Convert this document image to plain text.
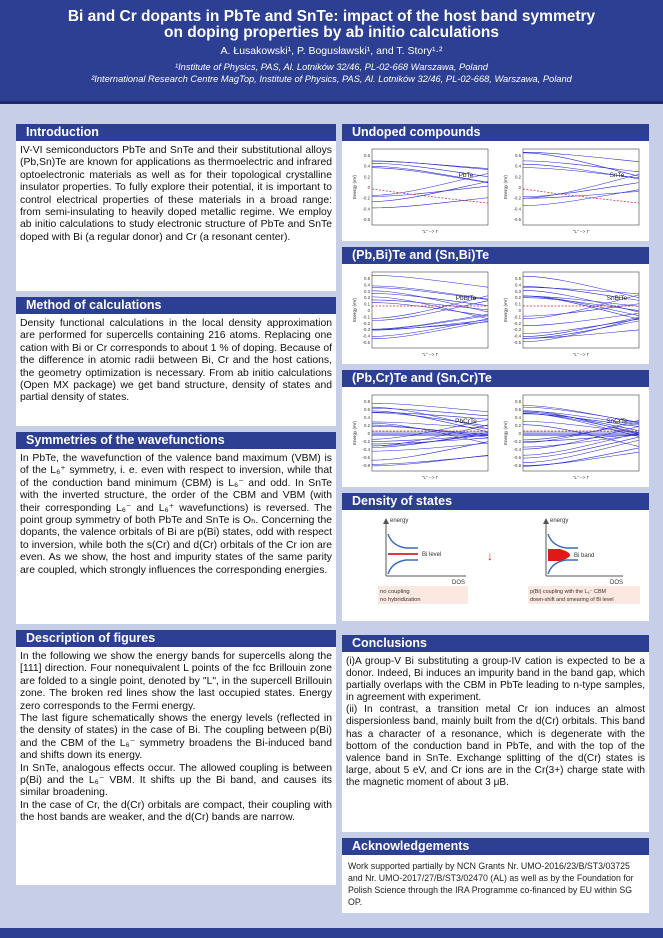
Bi and Cr dopants in PbTe and SnTe: impact of the host band symmetry
on doping properties by ab initio calculations
A. Łusakowski¹, P. Bogusławski¹, and T. Story¹·²
¹Institute of Physics, PAS, Al. Lotników 32/46, PL-02-668 Warszawa, Poland
²International Research Centre MagTop, Institute of Physics, PAS, Al. Lotników 32/46, PL-02-668, Warszawa, Poland
Introduction

IV-VI semiconductors PbTe and SnTe and their substitutional alloys (Pb,Sn)Te are known for applications as thermoelectric and infrared optoelectronic materials as well as for their topological crystalline insulator properties. To fully explore their potential, it is important to control electrical properties of these materials in a broad range: from semi-insulating to heavily doped metallic regime. We employ ab initio calculations to study electronic structure of PbTe and SnTe doped with Bi (a regular donor) and Cr (a resonant center).

Method of calculations

Density functional calculations in the local density approximation are performed for supercells containing 216 atoms. Replacing one cation with Bi or Cr corresponds to about 1 % of doping. Because of the difference in atomic radii between Bi, Cr and the host cations, the geometry optimization is necessary. From ab initio calculations (Open MX package) we get band structure, density of states and partial density of states.

Symmetries of the wavefunctions

In PbTe, the wavefunction of the valence band maximum (VBM) is of the L₆⁺ symmetry, i. e. even with respect to inversion, while that of the conduction band minimum (CBM) is L₆⁻ and odd. In SnTe with the inverted structure, the order of the CBM and VBM (with their corresponding L₆⁻ and L₆⁺ wavefunctions) is reversed. The point group symmetry of both PbTe and SnTe is Oₕ. Concerning the dopants, the valence orbitals of Bi are p(Bi) states, odd with respect to inversion, while both the s(Cr) and d(Cr) orbitals of the Cr ion are even. As we show, the host and impurity states of the same parity are coupled, which strongly influences the corresponding energies.

Description of figures

In the following we show the energy bands for supercells along the [111] direction. Four nonequivalent L points of the fcc Brillouin zone are folded to a single point, denoted by "L", in the supercell Brillouin zone. The broken red lines show the last occupied states. Energy zero corresponds to the Fermi energy.

The last figure schematically shows the energy levels (reflected in the density of states) in the case of Bi. The coupling between p(Bi) and the CBM of the L₆⁻ symmetry broadens the Bi-induced band and shifts down its energy.

In SnTe, analogous effects occur. The allowed coupling is between p(Bi) and the L₆⁻ VBM. It shifts up the Bi band, and causes its similar broadening.

In the case of Cr, the d(Cr) orbitals are compact, their coupling with the host bands are weaker, and the d(Cr) bands are narrow.

Undoped compounds
0.6
0.4
0.2
0
-0.2
-0.4
-0.6
Energy (eV)
"L" --> Γ
PbTe
0.6
0.4
0.2
0
-0.2
-0.4
-0.6
Energy (eV)
"L" --> Γ
SnTe
(Pb,Bi)Te and (Sn,Bi)Te
0.5
0.4
0.3
0.2
0.1
0
-0.1
-0.2
-0.3
-0.4
-0.5
Energy (eV)
"L" --> Γ
PbBiTe
0.5
0.4
0.3
0.2
0.1
0
-0.1
-0.2
-0.3
-0.4
-0.5
Energy (eV)
"L" --> Γ
SnBiTe
(Pb,Cr)Te and (Sn,Cr)Te
0.8
0.6
0.4
0.2
0
-0.2
-0.4
-0.6
-0.8
Energy (eV)
"L" --> Γ
PbCrTe
0.8
0.6
0.4
0.2
0
-0.2
-0.4
-0.6
-0.8
Energy (eV)
"L" --> Γ
SnCrTe
Density of states
energy
Bi level
DOS
no coupling
no hybridization
↓
energy
Bi band
DOS
p(Bi) coupling with the L₆⁻ CBM
down-shift and smearing of Bi level
Conclusions

(i)A group-V Bi substituting a group-IV cation is expected to be a donor. Indeed, Bi induces an impurity band in the band gap, which partially overlaps with the CBM in PbTe leading to n-type samples, in agreement with experiment.

(ii) In contrast, a transition metal Cr ion induces an almost dispersionless band, mainly built from the d(Cr) orbitals. This band has a character of a resonance, which is degenerate with the bottom of the conduction band in PbTe, and with the top of the valence band in SnTe. Exchange splitting of the d(Cr) states is large, about 5 eV, and Cr ions are in the Cr(3+) charge state with the magnetic moment of about 3 μB.

Acknowledgements
Work supported partially by NCN Grants Nr. UMO-2016/23/B/ST3/03725 and Nr. UMO-2017/27/B/ST3/02470 (AL) as well as by the Foundation for Polish Science through the IRA Programme co-financed by EU within SG OP.
